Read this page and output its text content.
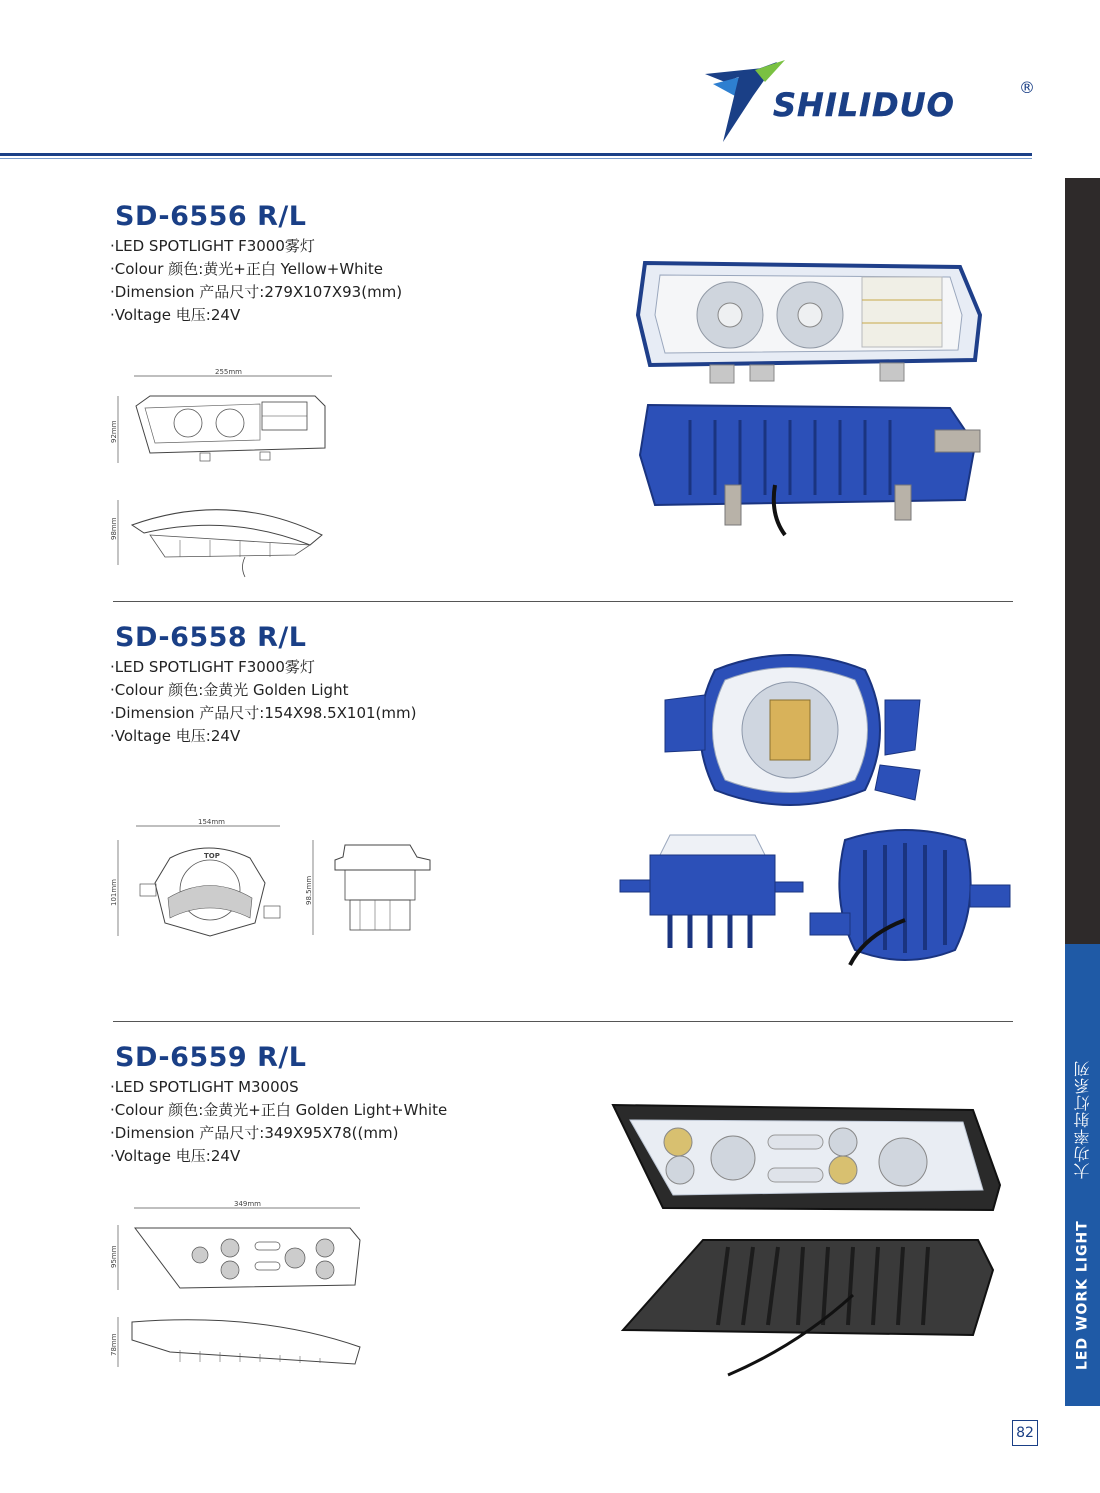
SHILIDUO	®
LED WORK LIGHT
大功率射灯系列
82
SD-6556 R/L
·LED SPOTLIGHT F3000雾灯
·Colour 颜色:黄光+正白 Yellow+White
·Dimension 产品尺寸:279X107X93(mm)
·Voltage 电压:24V
255mm
92mm
98mm
SD-6558 R/L
·LED SPOTLIGHT F3000雾灯
·Colour 颜色:金黄光 Golden Light
·Dimension 产品尺寸:154X98.5X101(mm)
·Voltage 电压:24V
154mm
101mm
TOP
98.5mm
SD-6559 R/L
·LED SPOTLIGHT M3000S
·Colour 颜色:金黄光+正白 Golden Light+White
·Dimension 产品尺寸:349X95X78((mm)
·Voltage 电压:24V
349mm
95mm
78mm
